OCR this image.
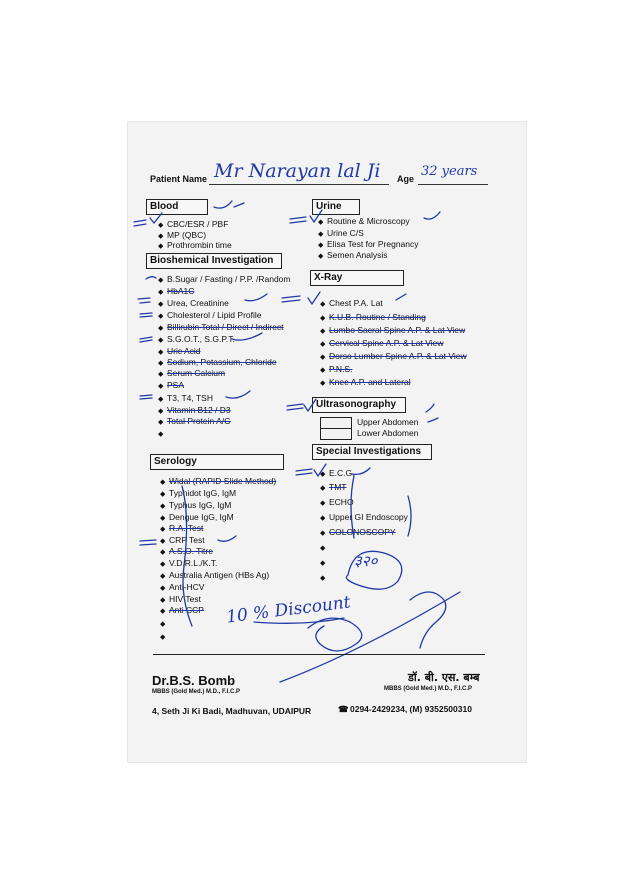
Patient Name Mr Narayan lal Ji Age 32 years
Blood
◆ CBC/ESR / PBF
◆ MP (QBC)
◆ Prothrombin time
Bioshemical Investigation
◆ B.Sugar / Fasting / P.P. /Random
◆ HbA1C
◆ Urea, Creatinine
◆ Cholesterol / Lipid Profile
◆ Billirubin Total / Direct / Indirect
◆ S.G.O.T., S.G.P.T.
◆ Uric Acid
◆ Sodium, Potassium, Chloride
◆ Serum Calcium
◆ PSA
◆ T3, T4, TSH
◆ Vitamin B12 / D3
◆ Total Protein A/G
◆
Serology
◆ Widal (RAPID Slide Method)
◆ Typhidot IgG, IgM
◆ Typhus IgG, IgM
◆ Dengue IgG, IgM
◆ R.A. Test
◆ CRP Test
◆ A.S.O. Titre
◆ V.D.R.L./K.T.
◆ Australia Antigen (HBs Ag)
◆ Anti-HCV
◆ HIV Test
◆ Anti CCP
◆
◆
Urine
◆ Routine & Microscopy
◆ Urine C/S
◆ Elisa Test for Pregnancy
◆ Semen Analysis
X-Ray
◆ Chest P.A. Lat
◆ K.U.B. Routine / Standing
◆ Lumbo Sacral Spine A.P. & Lat View
◆ Cervical Spine A.P. & Lat View
◆ Dorso Lumber Spine A.P. & Lat View
◆ P.N.S.
◆ Knee A.P. and Lateral
Ultrasonography
Upper Abdomen
Lower Abdomen
Special Investigations
◆ E.C.G.
◆ TMT
◆ ECHO
◆ Upper GI Endoscopy
◆ COLONOSCOPY
◆
◆
◆
10 % Discount
३२०
Dr.B.S. Bomb
MBBS (Gold Med.) M.D., F.I.C.P
डॉ. बी. एस. बम्ब
MBBS (Gold Med.) M.D., F.I.C.P
4, Seth Ji Ki Badi, Madhuvan, UDAIPUR	☎ 0294-2429234, (M) 9352500310
